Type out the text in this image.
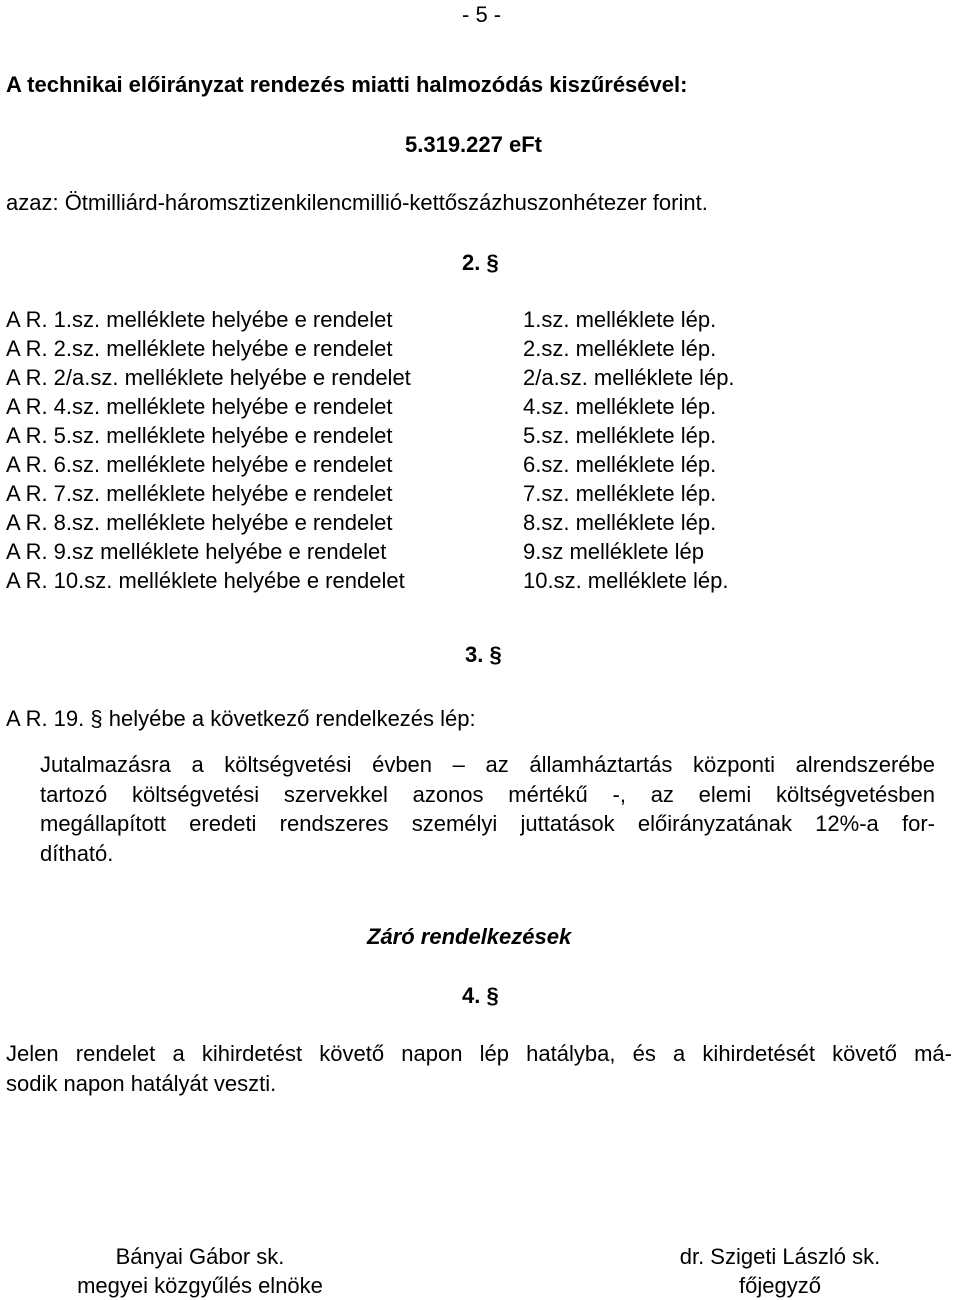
- 5 -
A technikai előirányzat rendezés miatti halmozódás kiszűrésével:
5.319.227 eFt
azaz: Ötmilliárd-háromsztizenkilencmillió-kettőszázhuszonhétezer forint.
2. §
A R. 1.sz. melléklete helyébe e rendelet	1.sz. melléklete lép.
A R. 2.sz. melléklete helyébe e rendelet	2.sz. melléklete lép.
A R. 2/a.sz. melléklete helyébe e rendelet	2/a.sz. melléklete lép.
A R. 4.sz. melléklete helyébe e rendelet	4.sz. melléklete lép.
A R. 5.sz. melléklete helyébe e rendelet	5.sz. melléklete lép.
A R. 6.sz. melléklete helyébe e rendelet	6.sz. melléklete lép.
A R. 7.sz. melléklete helyébe e rendelet	7.sz. melléklete lép.
A R. 8.sz. melléklete helyébe e rendelet	8.sz. melléklete lép.
A R. 9.sz melléklete helyébe e rendelet	9.sz melléklete lép
A R. 10.sz. melléklete helyébe e rendelet	10.sz. melléklete lép.
3. §
A R. 19. § helyébe a következő rendelkezés lép:
Jutalmazásra a költségvetési évben – az államháztartás központi alrendszerébe
tartozó költségvetési szervekkel azonos mértékű -, az elemi költségvetésben
megállapított eredeti rendszeres személyi juttatások előirányzatának 12%-a for-
dítható.
Záró rendelkezések
4. §
Jelen rendelet a kihirdetést követő napon lép hatályba, és a kihirdetését követő má-
sodik napon hatályát veszti.
Bányai Gábor sk.
megyei közgyűlés elnöke
dr. Szigeti László sk.
főjegyző
